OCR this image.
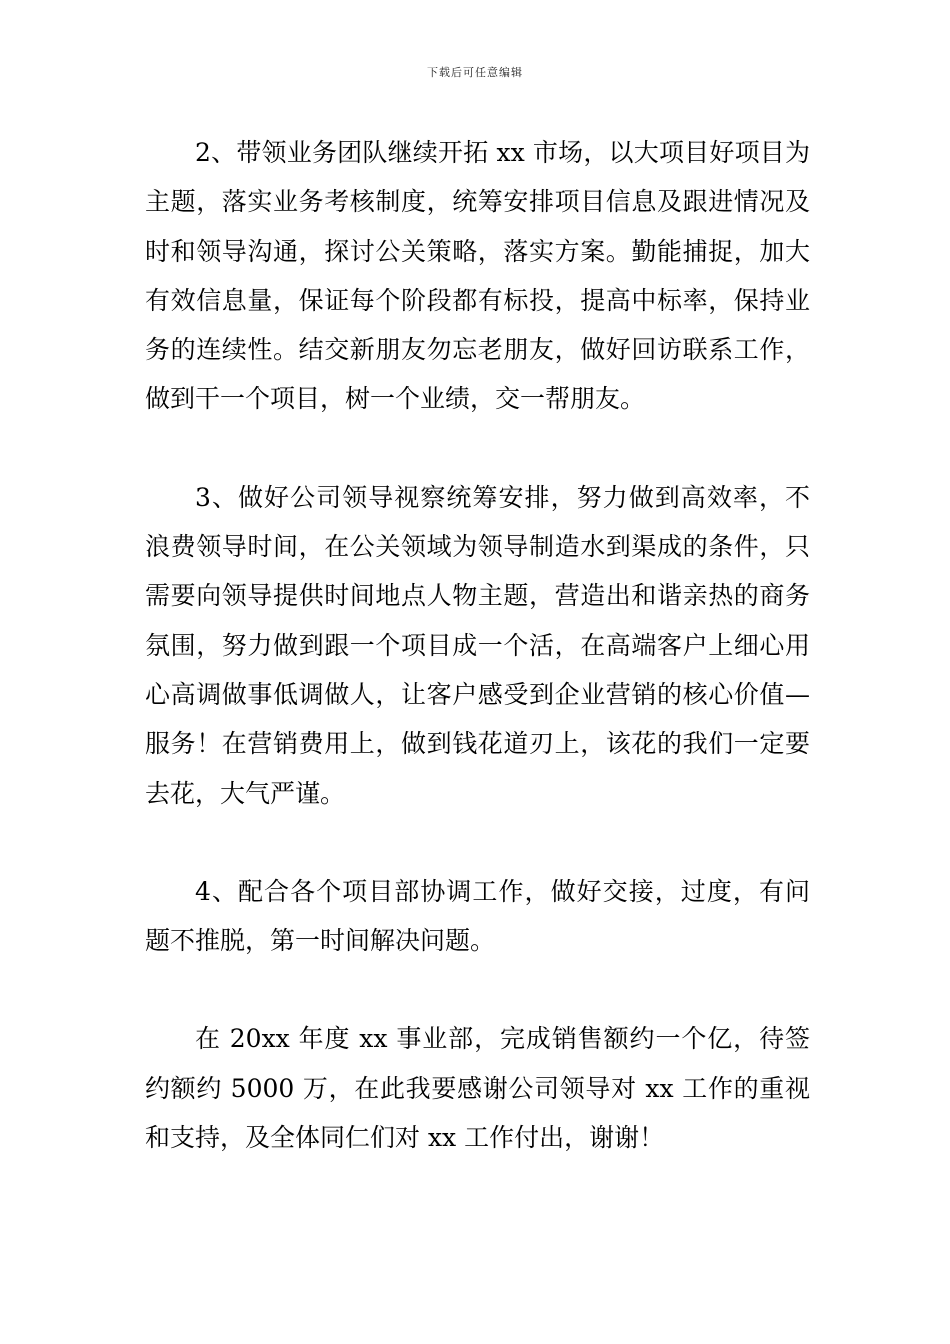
下载后可任意编辑

2、带领业务团队继续开拓 xx 市场，以大项目好项目为主题，落实业务考核制度，统筹安排项目信息及跟进情况及时和领导沟通，探讨公关策略，落实方案。勤能捕捉，加大有效信息量，保证每个阶段都有标投，提高中标率，保持业务的连续性。结交新朋友勿忘老朋友，做好回访联系工作，做到干一个项目，树一个业绩，交一帮朋友。

3、做好公司领导视察统筹安排，努力做到高效率，不浪费领导时间，在公关领域为领导制造水到渠成的条件，只需要向领导提供时间地点人物主题，营造出和谐亲热的商务氛围，努力做到跟一个项目成一个活，在高端客户上细心用心高调做事低调做人，让客户感受到企业营销的核心价值—服务！在营销费用上，做到钱花道刃上，该花的我们一定要去花，大气严谨。

4、配合各个项目部协调工作，做好交接，过度，有问题不推脱，第一时间解决问题。

在 20xx 年度 xx 事业部，完成销售额约一个亿，待签约额约 5000 万，在此我要感谢公司领导对 xx 工作的重视和支持，及全体同仁们对 xx 工作付出，谢谢！
